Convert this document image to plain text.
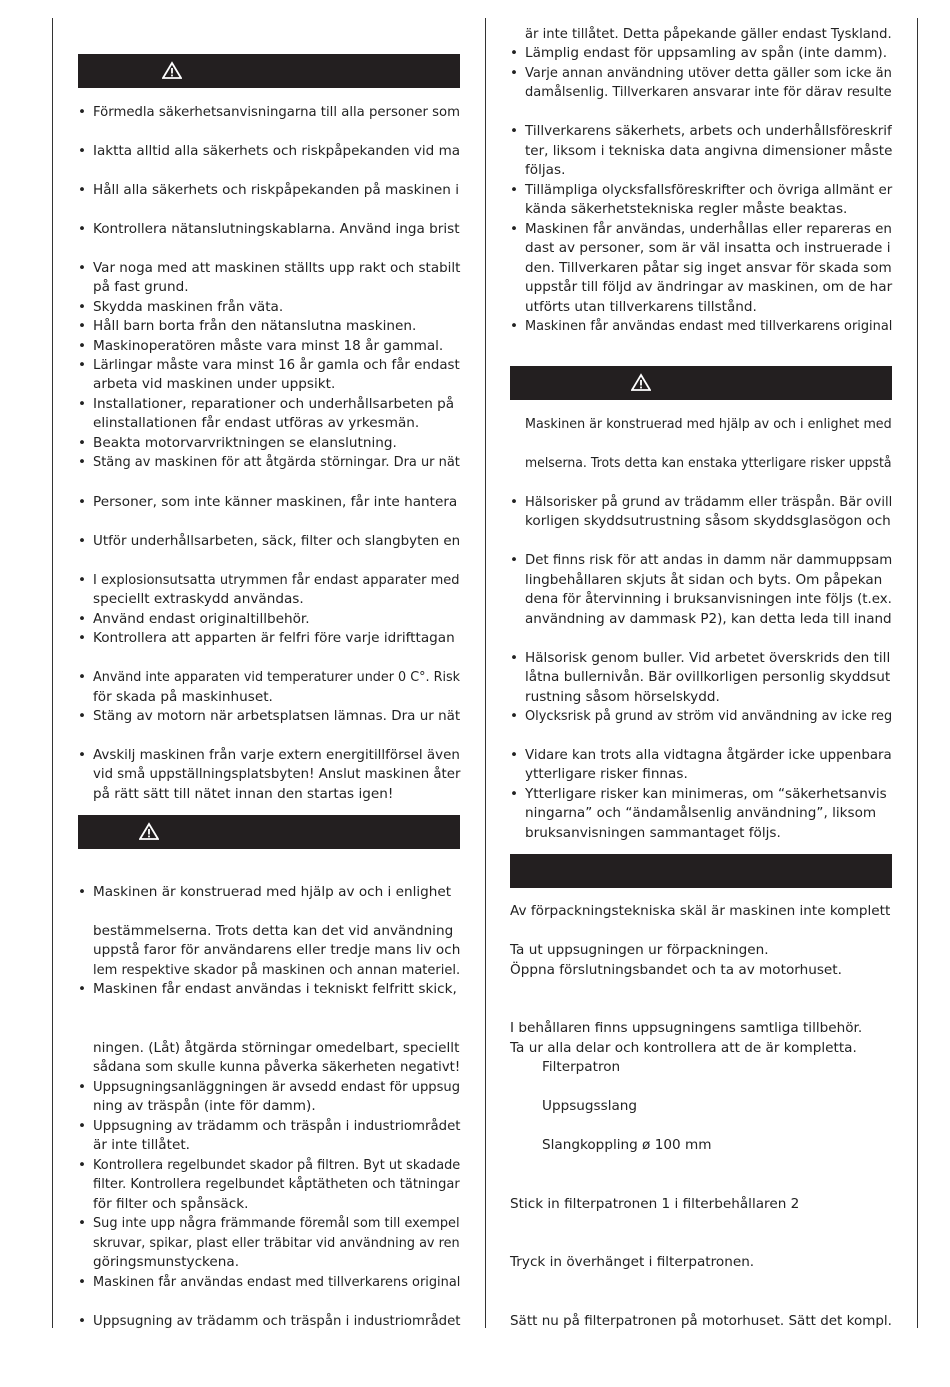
• Förmedla säkerhetsanvisningarna till alla personer som
• Iaktta alltid alla säkerhets och riskpåpekanden vid ma
• Håll alla säkerhets och riskpåpekanden på maskinen i
• Kontrollera nätanslutningskablarna. Använd inga brist
• Var noga med att maskinen ställts upp rakt och stabilt
på fast grund.
• Skydda maskinen från väta.
• Håll barn borta från den nätanslutna maskinen.
• Maskinoperatören måste vara minst 18 år gammal.
• Lärlingar måste vara minst 16 år gamla och får endast
arbeta vid maskinen under uppsikt.
• Installationer, reparationer och underhållsarbeten på
elinstallationen får endast utföras av yrkesmän.
• Beakta motorvarvriktningen se elanslutning.
• Stäng av maskinen för att åtgärda störningar. Dra ur nät
• Personer, som inte känner maskinen, får inte hantera
• Utför underhållsarbeten, säck, filter och slangbyten en
• I explosionsutsatta utrymmen får endast apparater med
speciellt extraskydd användas.
• Använd endast originaltillbehör.
• Kontrollera att apparten är felfri före varje idrifttagan
• Använd inte apparaten vid temperaturer under 0 C°. Risk
för skada på maskinhuset.
• Stäng av motorn när arbetsplatsen lämnas. Dra ur nät
• Avskilj maskinen från varje extern energitillförsel även
vid små uppställningsplatsbyten! Anslut maskinen åter
på rätt sätt till nätet innan den startas igen!
• Maskinen är konstruerad med hjälp av och i enlighet
bestämmelserna. Trots detta kan det vid användning
uppstå faror för användarens eller tredje mans liv och
lem respektive skador på maskinen och annan materiel.
• Maskinen får endast användas i tekniskt felfritt skick,
ningen. (Låt) åtgärda störningar omedelbart, speciellt
sådana som skulle kunna påverka säkerheten negativt!
• Uppsugningsanläggningen är avsedd endast för uppsug
ning av träspån (inte för damm).
• Uppsugning av trädamm och träspån i industriområdet
är inte tillåtet.
• Kontrollera regelbundet skador på filtren. Byt ut skadade
filter. Kontrollera regelbundet kåptätheten och tätningar
för filter och spånsäck.
• Sug inte upp några främmande föremål som till exempel
skruvar, spikar, plast eller träbitar vid användning av ren
göringsmunstyckena.
• Maskinen får användas endast med tillverkarens original
• Uppsugning av trädamm och träspån i industriområdet
är inte tillåtet. Detta påpekande gäller endast Tyskland.
• Lämplig endast för uppsamling av spån (inte damm).
• Varje annan användning utöver detta gäller som icke än
damålsenlig. Tillverkaren ansvarar inte för därav resulte
• Tillverkarens säkerhets, arbets och underhållsföreskrif
ter, liksom i tekniska data angivna dimensioner måste
följas.
• Tillämpliga olycksfallsföreskrifter och övriga allmänt er
kända säkerhetstekniska regler måste beaktas.
• Maskinen får användas, underhållas eller repareras en
dast av personer, som är väl insatta och instruerade i
den. Tillverkaren påtar sig inget ansvar för skada som
uppstår till följd av ändringar av maskinen, om de har
utförts utan tillverkarens tillstånd.
• Maskinen får användas endast med tillverkarens original
Maskinen är konstruerad med hjälp av och i enlighet med
melserna. Trots detta kan enstaka ytterligare risker uppstå
• Hälsorisker på grund av trädamm eller träspån. Bär ovill
korligen skyddsutrustning såsom skyddsglasögon och
• Det finns risk för att andas in damm när dammuppsam
lingbehållaren skjuts åt sidan och byts. Om påpekan
dena för återvinning i bruksanvisningen inte följs (t.ex.
användning av dammask P2), kan detta leda till inand
• Hälsorisk genom buller. Vid arbetet överskrids den till
låtna bullernivån. Bär ovillkorligen personlig skyddsut
rustning såsom hörselskydd.
• Olycksrisk på grund av ström vid användning av icke reg
• Vidare kan trots alla vidtagna åtgärder icke uppenbara
ytterligare risker finnas.
• Ytterligare risker kan minimeras, om “säkerhetsanvis
ningarna” och “ändamålsenlig användning”, liksom
bruksanvisningen sammantaget följs.
Av förpackningstekniska skäl är maskinen inte komplett
Ta ut uppsugningen ur förpackningen.
Öppna förslutningsbandet och ta av motorhuset.
I behållaren finns uppsugningens samtliga tillbehör.
Ta ur alla delar och kontrollera att de är kompletta.
Filterpatron
Uppsugsslang
Slangkoppling ø 100 mm
Stick in filterpatronen 1 i filterbehållaren 2
Tryck in överhänget i filterpatronen.
Sätt nu på filterpatronen på motorhuset. Sätt det kompl.
